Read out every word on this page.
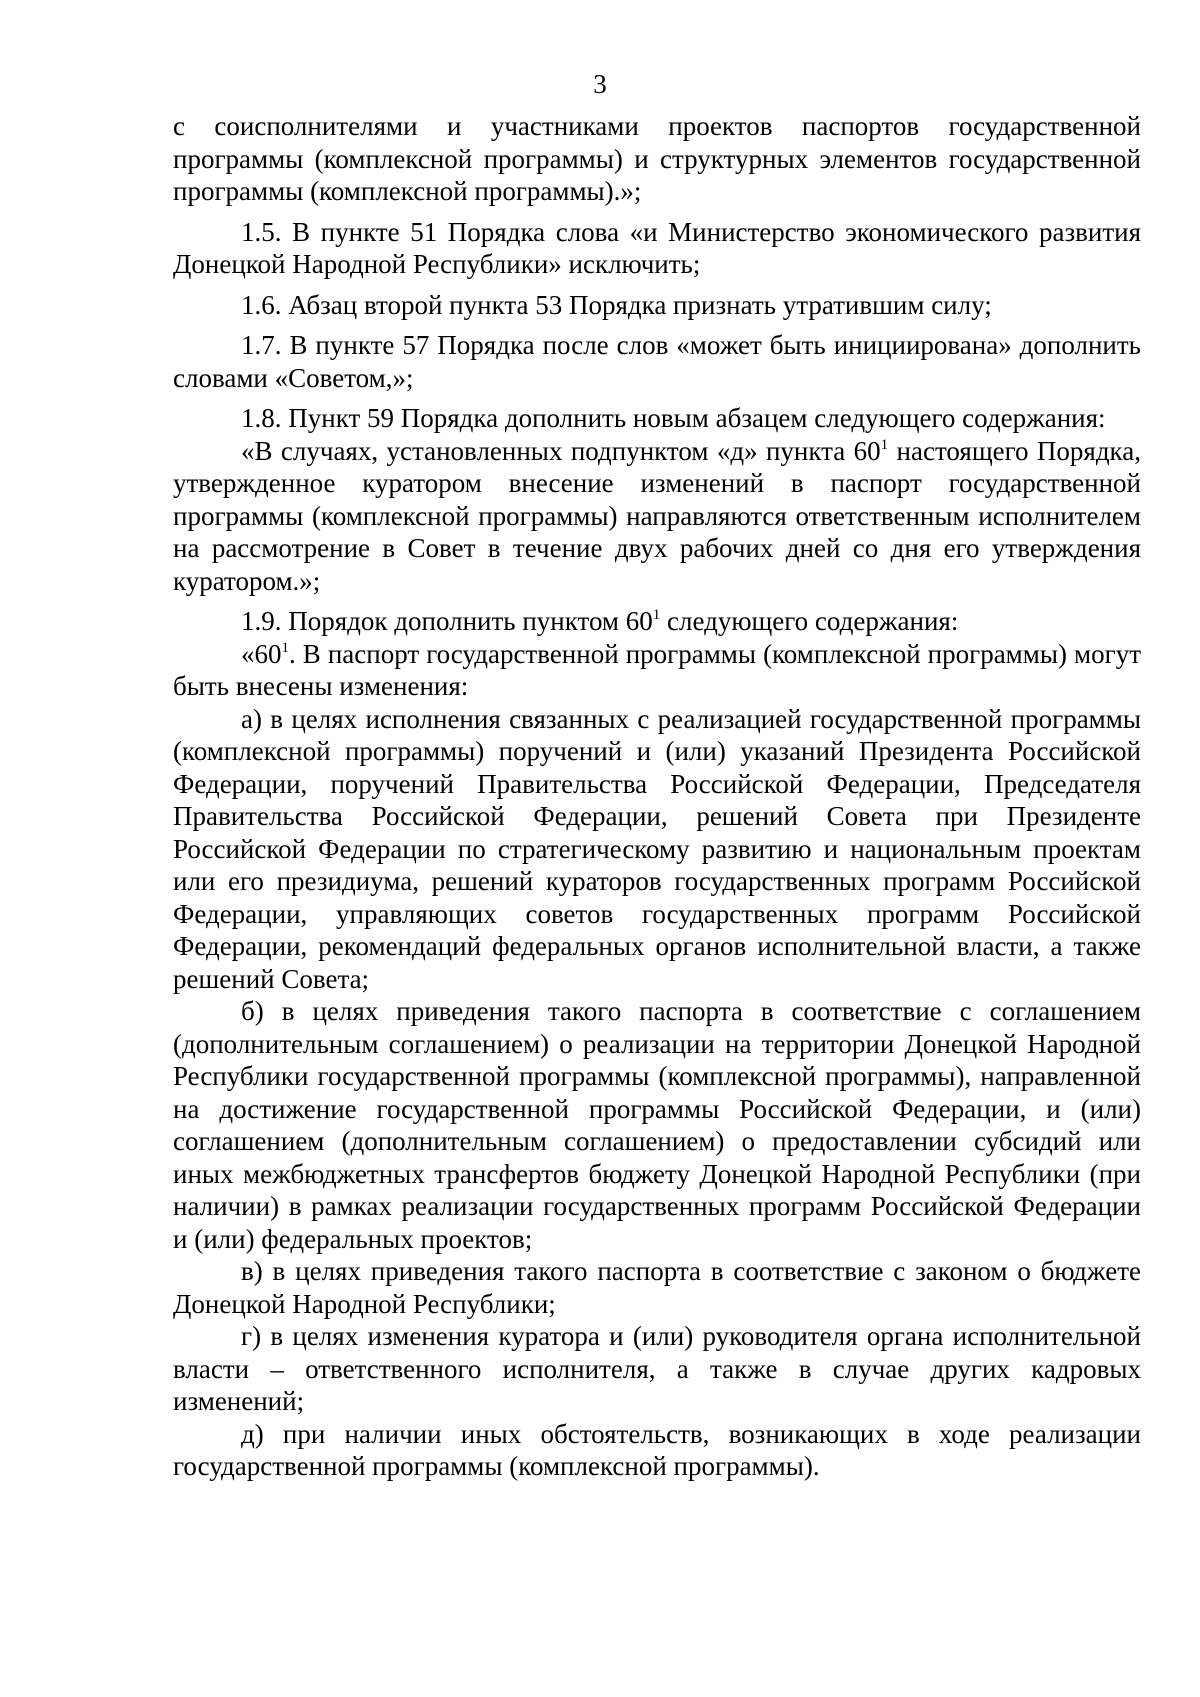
3

с соисполнителями и участниками проектов паспортов государственной программы (комплексной программы) и структурных элементов государственной программы (комплексной программы).»;

1.5. В пункте 51 Порядка слова «и Министерство экономического развития Донецкой Народной Республики» исключить;

1.6. Абзац второй пункта 53 Порядка признать утратившим силу;

1.7. В пункте 57 Порядка после слов «может быть инициирована» дополнить словами «Советом,»;

1.8. Пункт 59 Порядка дополнить новым абзацем следующего содержания:

«В случаях, установленных подпунктом «д» пункта $60^1$ настоящего Порядка, утвержденное куратором внесение изменений в паспорт государственной программы (комплексной программы) направляются ответственным исполнителем на рассмотрение в Совет в течение двух рабочих дней со дня его утверждения куратором.»;

1.9. Порядок дополнить пунктом $60^1$ следующего содержания:

«$60^1$. В паспорт государственной программы (комплексной программы) могут быть внесены изменения:

а) в целях исполнения связанных с реализацией государственной программы (комплексной программы) поручений и (или) указаний Президента Российской Федерации, поручений Правительства Российской Федерации, Председателя Правительства Российской Федерации, решений Совета при Президенте Российской Федерации по стратегическому развитию и национальным проектам или его президиума, решений кураторов государственных программ Российской Федерации, управляющих советов государственных программ Российской Федерации, рекомендаций федеральных органов исполнительной власти, а также решений Совета;

б) в целях приведения такого паспорта в соответствие с соглашением (дополнительным соглашением) о реализации на территории Донецкой Народной Республики государственной программы (комплексной программы), направленной на достижение государственной программы Российской Федерации, и (или) соглашением (дополнительным соглашением) о предоставлении субсидий или иных межбюджетных трансфертов бюджету Донецкой Народной Республики (при наличии) в рамках реализации государственных программ Российской Федерации и (или) федеральных проектов;

в) в целях приведения такого паспорта в соответствие с законом о бюджете Донецкой Народной Республики;

г) в целях изменения куратора и (или) руководителя органа исполнительной власти – ответственного исполнителя, а также в случае других кадровых изменений;

д) при наличии иных обстоятельств, возникающих в ходе реализации государственной программы (комплексной программы).
